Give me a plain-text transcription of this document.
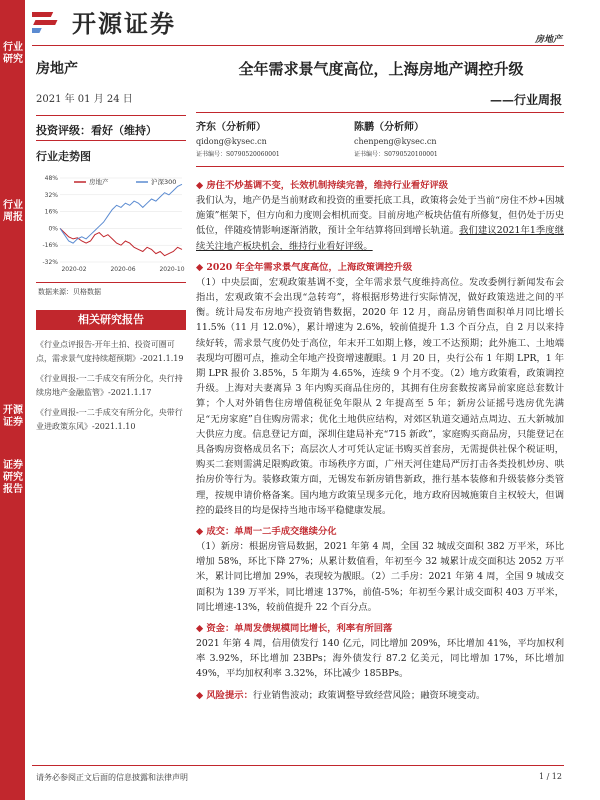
行业研究
行业周报
开源证券
证券研究报告
开源证券
房地产
房地产
2021 年 01 月 24 日
投资评级：看好（维持）
行业走势图
48%
32%
16%
0%
-16%
-32%
2020-02	2020-06	2020-10
房地产	沪深300
数据来源：贝格数据
相关研究报告
《行业点评报告-开年土拍、投资可圈可点，需求景气度持续超预期》-2021.1.19
《行业周报-一二手成交有所分化，央行持续房地产金融监管》-2021.1.17
《行业周报-一二手成交有所分化，央带行业进政策东风》-2021.1.10
全年需求景气度高位，上海房地产调控升级
——行业周报
齐东（分析师）
qidong@kysec.cn
证书编号：S0790520060001
陈鹏（分析师）
chenpeng@kysec.cn
证书编号：S0790520100001
◆ 房住不炒基调不变，长效机制持续完善，维持行业看好评级
我们认为，地产仍是当前财政和投资的重要托底工具，政策将会处于当前“房住不炒+因城施策”框架下，但方向和力度则会相机而变。目前房地产板块估值有所修复，但仍处于历史低位，伴随疫情影响逐渐消散，预计全年结算将回到增长轨道。我们建议2021年1季度继续关注地产板块机会，维持行业看好评级。
◆ 2020 年全年需求景气度高位，上海政策调控升级
（1）中央层面，宏观政策基调不变，全年需求景气度维持高位。发改委例行新闻发布会指出，宏观政策不会出现“急转弯”，将根据形势进行实际情况，做好政策迭进之间的平衡。统计局发布房地产投资销售数据，2020 年 12 月，商品房销售面积单月同比增长 11.5%（11 月 12.0%），累计增速为 2.6%，较前值提升 1.3 个百分点，自 2 月以来持续好转，需求景气度仍处于高位，年末开工如期上修，竣工不达预期；此外施工、土地端表现均可圈可点，推动全年地产投资增速靓眼。1 月 20 日，央行公布 1 年期 LPR，1 年期 LPR 报价 3.85%，5 年期为 4.65%，连续 9 个月不变。（2）地方政策看，政策调控升级。上海对夫妻离异 3 年内购买商品住房的，其拥有住房套数按离异前家庭总套数计算；个人对外销售住房增值税征免年限从 2 年提高至 5 年；新房公证摇号选房优先满足“无房家庭”自住购房需求；优化土地供应结构，对郊区轨道交通站点周边、五大新城加大供应力度。信息登记方面，深圳住建局补充“715 新政”，家庭购买商品房，只能登记在具备购房资格成员名下；高层次人才可凭认定证书购买首套房，无需提供社保个税证明，购买二套则需满足限购政策。市场秩序方面，广州天河住建局严厉打击各类投机炒房、哄抬房价等行为。装修政策方面，无锡发布新房销售新政，推行基本装修和升级装修分类管理，按规申请价格备案。国内地方政策呈现多元化，地方政府因城施策自主权较大，但调控的最终目的均是保持当地市场平稳健康发展。
◆ 成交：单周一二手成交继续分化
（1）新房：根据房管局数据，2021 年第 4 周，全国 32 城成交面积 382 万平米，环比增加 58%，环比下降 27%；从累计数值看，年初至今 32 城累计成交面积达 2052 万平米，累计同比增加 29%，表现较为靓眼。（2）二手房：2021 年第 4 周，全国 9 城成交面积为 139 万平米，同比增速 137%，前值-5%；年初至今累计成交面积 403 万平米，同比增速-13%，较前值提升 22 个百分点。
◆ 资金：单周发债规模同比增长，利率有所回落
2021 年第 4 周，信用债发行 140 亿元，同比增加 209%，环比增加 41%，平均加权利率 3.92%，环比增加 23BPs；海外债发行 87.2 亿美元，同比增加 17%，环比增加 49%，平均加权利率 3.32%，环比减少 185BPs。
◆ 风险提示：行业销售波动；政策调整导致经营风险；融资环境变动。
请务必参阅正文后面的信息披露和法律声明	1 / 12
